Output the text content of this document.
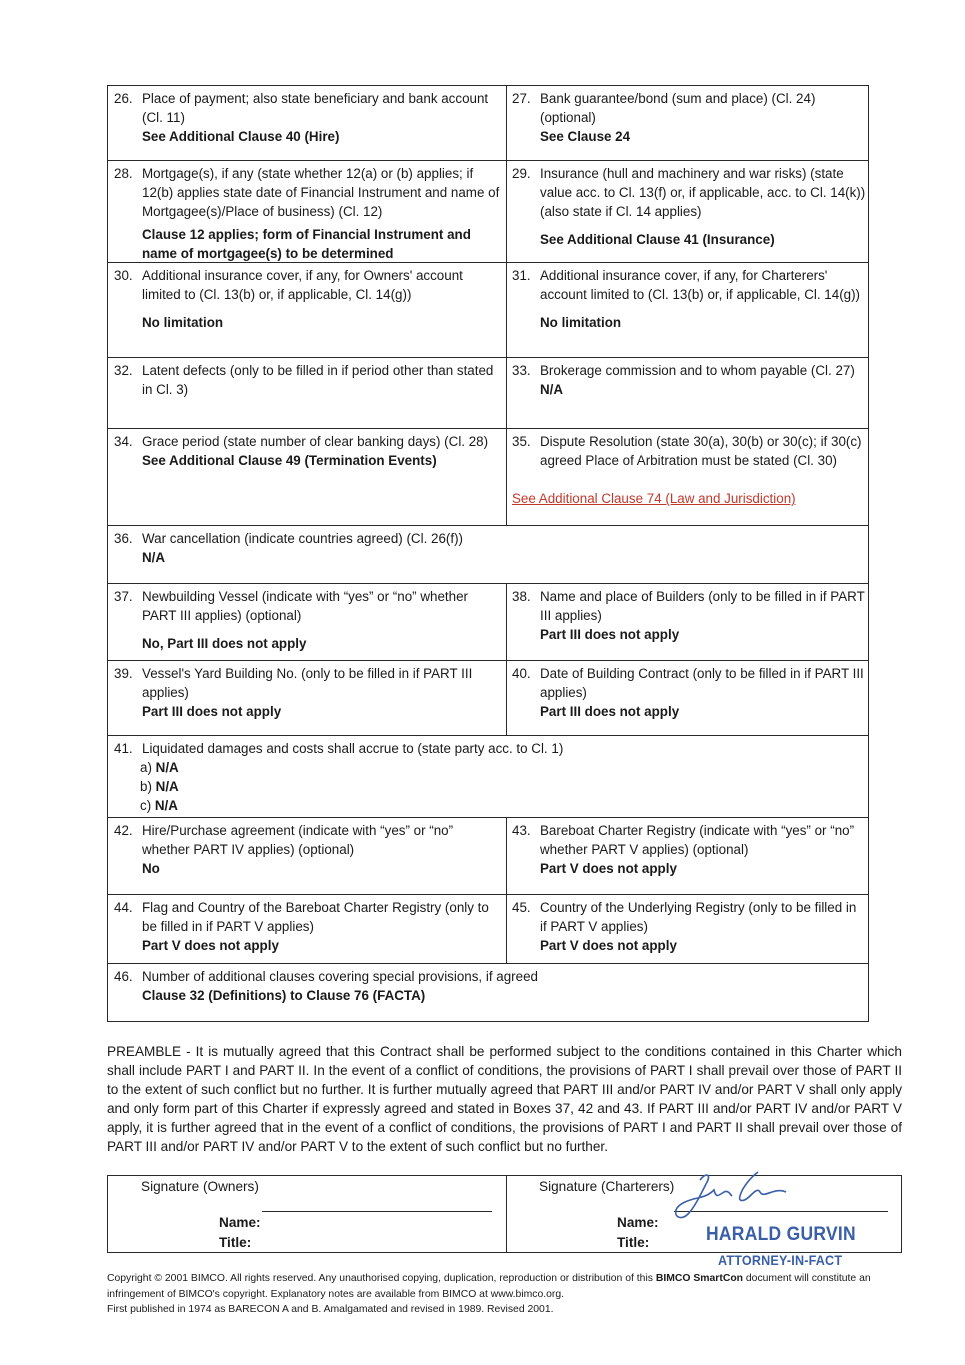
26. Place of payment; also state beneficiary and bank account (Cl. 11)
See Additional Clause 40 (Hire)
27. Bank guarantee/bond (sum and place) (Cl. 24) (optional)
See Clause 24
28. Mortgage(s), if any (state whether 12(a) or (b) applies; if 12(b) applies state date of Financial Instrument and name of Mortgagee(s)/Place of business) (Cl. 12)
Clause 12 applies; form of Financial Instrument and name of mortgagee(s) to be determined
29. Insurance (hull and machinery and war risks) (state value acc. to Cl. 13(f) or, if applicable, acc. to Cl. 14(k)) (also state if Cl. 14 applies)
See Additional Clause 41 (Insurance)
30. Additional insurance cover, if any, for Owners' account limited to (Cl. 13(b) or, if applicable, Cl. 14(g))
No limitation
31. Additional insurance cover, if any, for Charterers' account limited to (Cl. 13(b) or, if applicable, Cl. 14(g))
No limitation
32. Latent defects (only to be filled in if period other than stated in Cl. 3)
33. Brokerage commission and to whom payable (Cl. 27)
N/A
34. Grace period (state number of clear banking days) (Cl. 28)
See Additional Clause 49 (Termination Events)
35. Dispute Resolution (state 30(a), 30(b) or 30(c); if 30(c) agreed Place of Arbitration must be stated (Cl. 30)
See Additional Clause 74 (Law and Jurisdiction)
36. War cancellation (indicate countries agreed) (Cl. 26(f))
N/A
37. Newbuilding Vessel (indicate with “yes” or “no” whether PART III applies) (optional)
No, Part III does not apply
38. Name and place of Builders (only to be filled in if PART III applies)
Part III does not apply
39. Vessel's Yard Building No. (only to be filled in if PART III applies)
Part III does not apply
40. Date of Building Contract (only to be filled in if PART III applies)
Part III does not apply
41. Liquidated damages and costs shall accrue to (state party acc. to Cl. 1)
a) N/A
b) N/A
c) N/A
42. Hire/Purchase agreement (indicate with “yes” or “no” whether PART IV applies) (optional)
No
43. Bareboat Charter Registry (indicate with “yes” or “no” whether PART V applies) (optional)
Part V does not apply
44. Flag and Country of the Bareboat Charter Registry (only to be filled in if PART V applies)
Part V does not apply
45. Country of the Underlying Registry (only to be filled in if PART V applies)
Part V does not apply
46. Number of additional clauses covering special provisions, if agreed
Clause 32 (Definitions) to Clause 76 (FACTA)
PREAMBLE - It is mutually agreed that this Contract shall be performed subject to the conditions contained in this Charter which shall include PART I and PART II. In the event of a conflict of conditions, the provisions of PART I shall prevail over those of PART II to the extent of such conflict but no further. It is further mutually agreed that PART III and/or PART IV and/or PART V shall only apply and only form part of this Charter if expressly agreed and stated in Boxes 37, 42 and 43. If PART III and/or PART IV and/or PART V apply, it is further agreed that in the event of a conflict of conditions, the provisions of PART I and PART II shall prevail over those of PART III and/or PART IV and/or PART V to the extent of such conflict but no further.
Signature (Owners)
Name:
Title:
Signature (Charterers)
Name:
Title:	HARALD GURVIN
ATTORNEY-IN-FACT
Copyright © 2001 BIMCO. All rights reserved. Any unauthorised copying, duplication, reproduction or distribution of this BIMCO SmartCon document will constitute an infringement of BIMCO's copyright. Explanatory notes are available from BIMCO at www.bimco.org.
First published in 1974 as BARECON A and B. Amalgamated and revised in 1989. Revised 2001.
